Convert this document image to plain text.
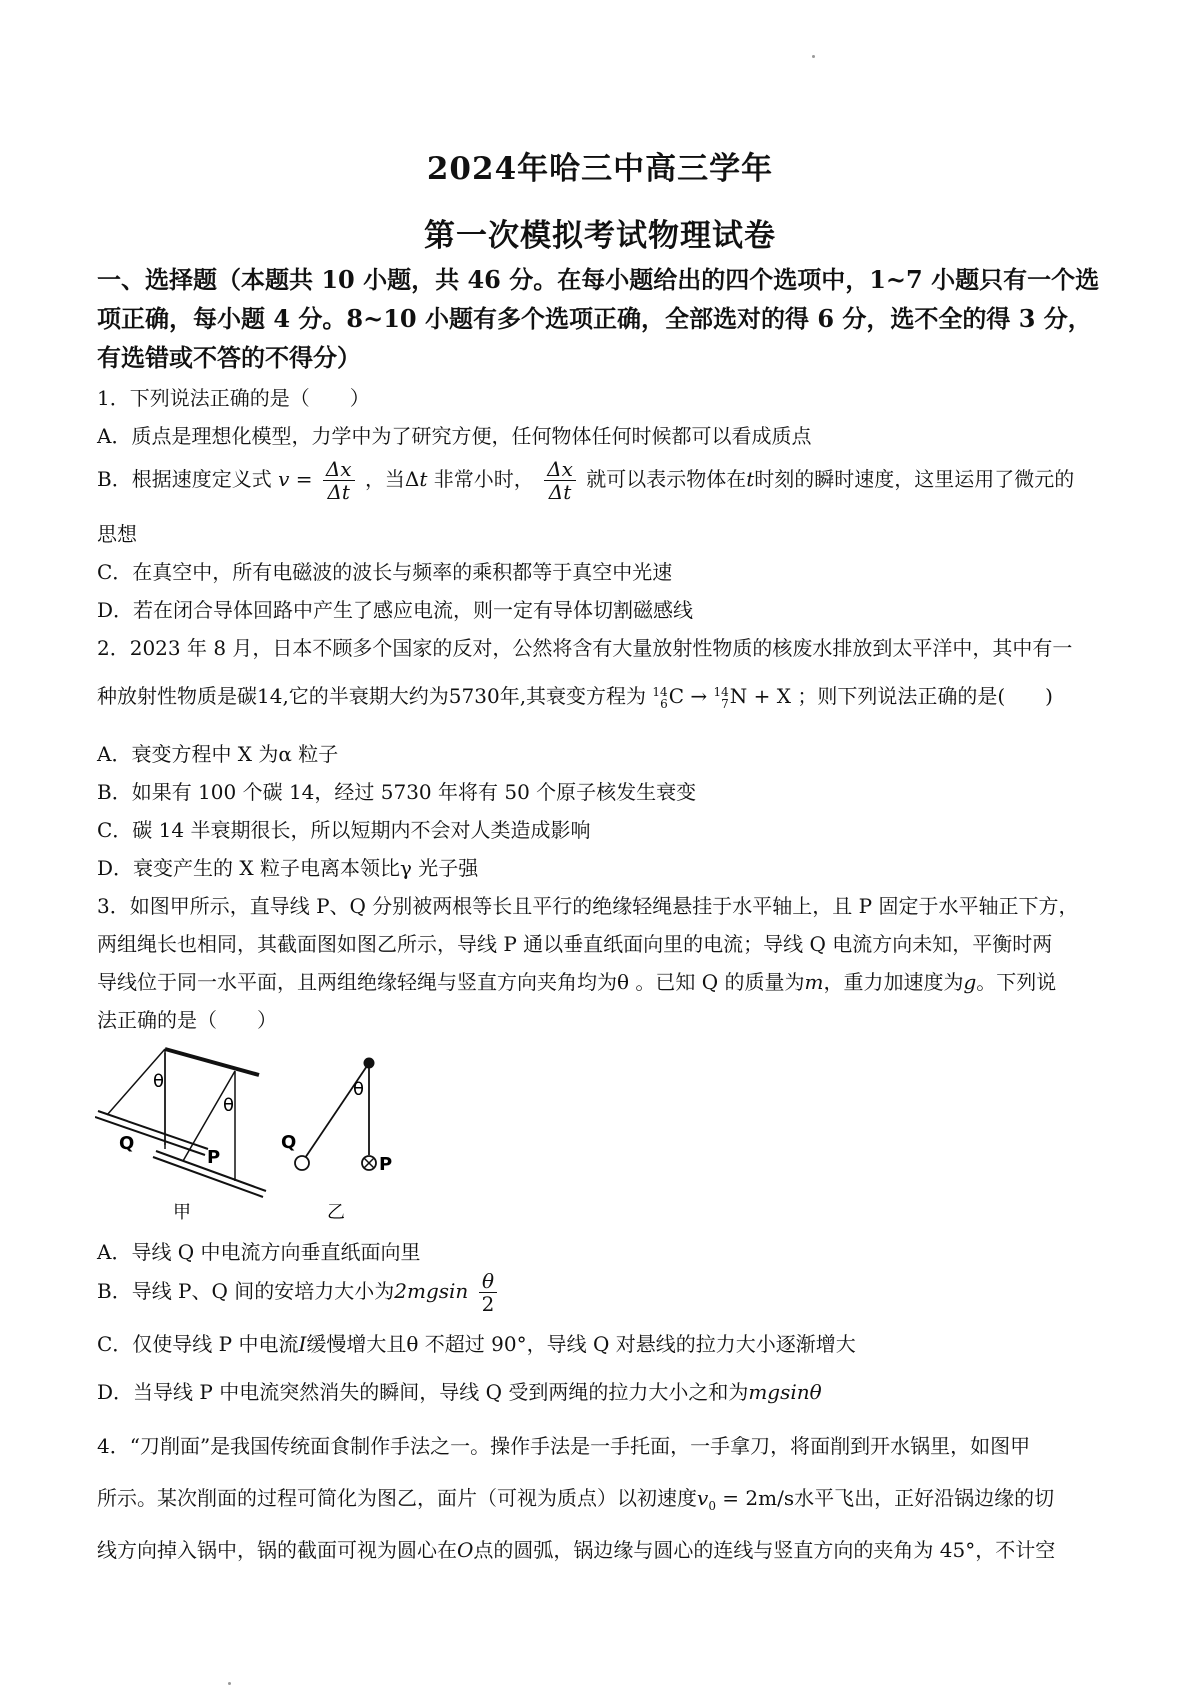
2024年哈三中高三学年
第一次模拟考试物理试卷
一、选择题（本题共 10 小题，共 46 分。在每小题给出的四个选项中，1~7 小题只有一个选项正确，每小题 4 分。8~10 小题有多个选项正确，全部选对的得 6 分，选不全的得 3 分，有选错或不答的不得分）
1．下列说法正确的是（　　）
A．质点是理想化模型，力学中为了研究方便，任何物体任何时候都可以看成质点
B．根据速度定义式 $v = \frac{\Delta x}{\Delta t}$ ，当Δt 非常小时， $\frac{\Delta x}{\Delta t}$ 就可以表示物体在t时刻的瞬时速度，这里运用了微元的
思想
C．在真空中，所有电磁波的波长与频率的乘积都等于真空中光速
D．若在闭合导体回路中产生了感应电流，则一定有导体切割磁感线
2．2023 年 8 月，日本不顾多个国家的反对，公然将含有大量放射性物质的核废水排放到太平洋中，其中有一
种放射性物质是碳14,它的半衰期大约为5730年,其衰变方程为 14
6 C → 14
7 N + X ；则下列说法正确的是(　　)
A．衰变方程中 X 为α 粒子
B．如果有 100 个碳 14，经过 5730 年将有 50 个原子核发生衰变
C．碳 14 半衰期很长，所以短期内不会对人类造成影响
D．衰变产生的 X 粒子电离本领比γ 光子强
3．如图甲所示，直导线 P、Q 分别被两根等长且平行的绝缘轻绳悬挂于水平轴上，且 P 固定于水平轴正下方，
两组绳长也相同，其截面图如图乙所示，导线 P 通以垂直纸面向里的电流；导线 Q 电流方向未知，平衡时两
导线位于同一水平面，且两组绝缘轻绳与竖直方向夹角均为θ 。已知 Q 的质量为m，重力加速度为g。下列说
法正确的是（　　）
θ
θ
Q
P
甲
θ
Q
P
乙
A．导线 Q 中电流方向垂直纸面向里
B．导线 P、Q 间的安培力大小为$2mgsin \frac{\theta}{2}$
C．仅使导线 P 中电流I缓慢增大且θ 不超过 90°，导线 Q 对悬线的拉力大小逐渐增大
D．当导线 P 中电流突然消失的瞬间，导线 Q 受到两绳的拉力大小之和为mgsinθ
4．“刀削面”是我国传统面食制作手法之一。操作手法是一手托面，一手拿刀，将面削到开水锅里，如图甲
所示。某次削面的过程可简化为图乙，面片（可视为质点）以初速度$v_0 = 2m/s$水平飞出，正好沿锅边缘的切
线方向掉入锅中，锅的截面可视为圆心在O点的圆弧，锅边缘与圆心的连线与竖直方向的夹角为 45°，不计空
